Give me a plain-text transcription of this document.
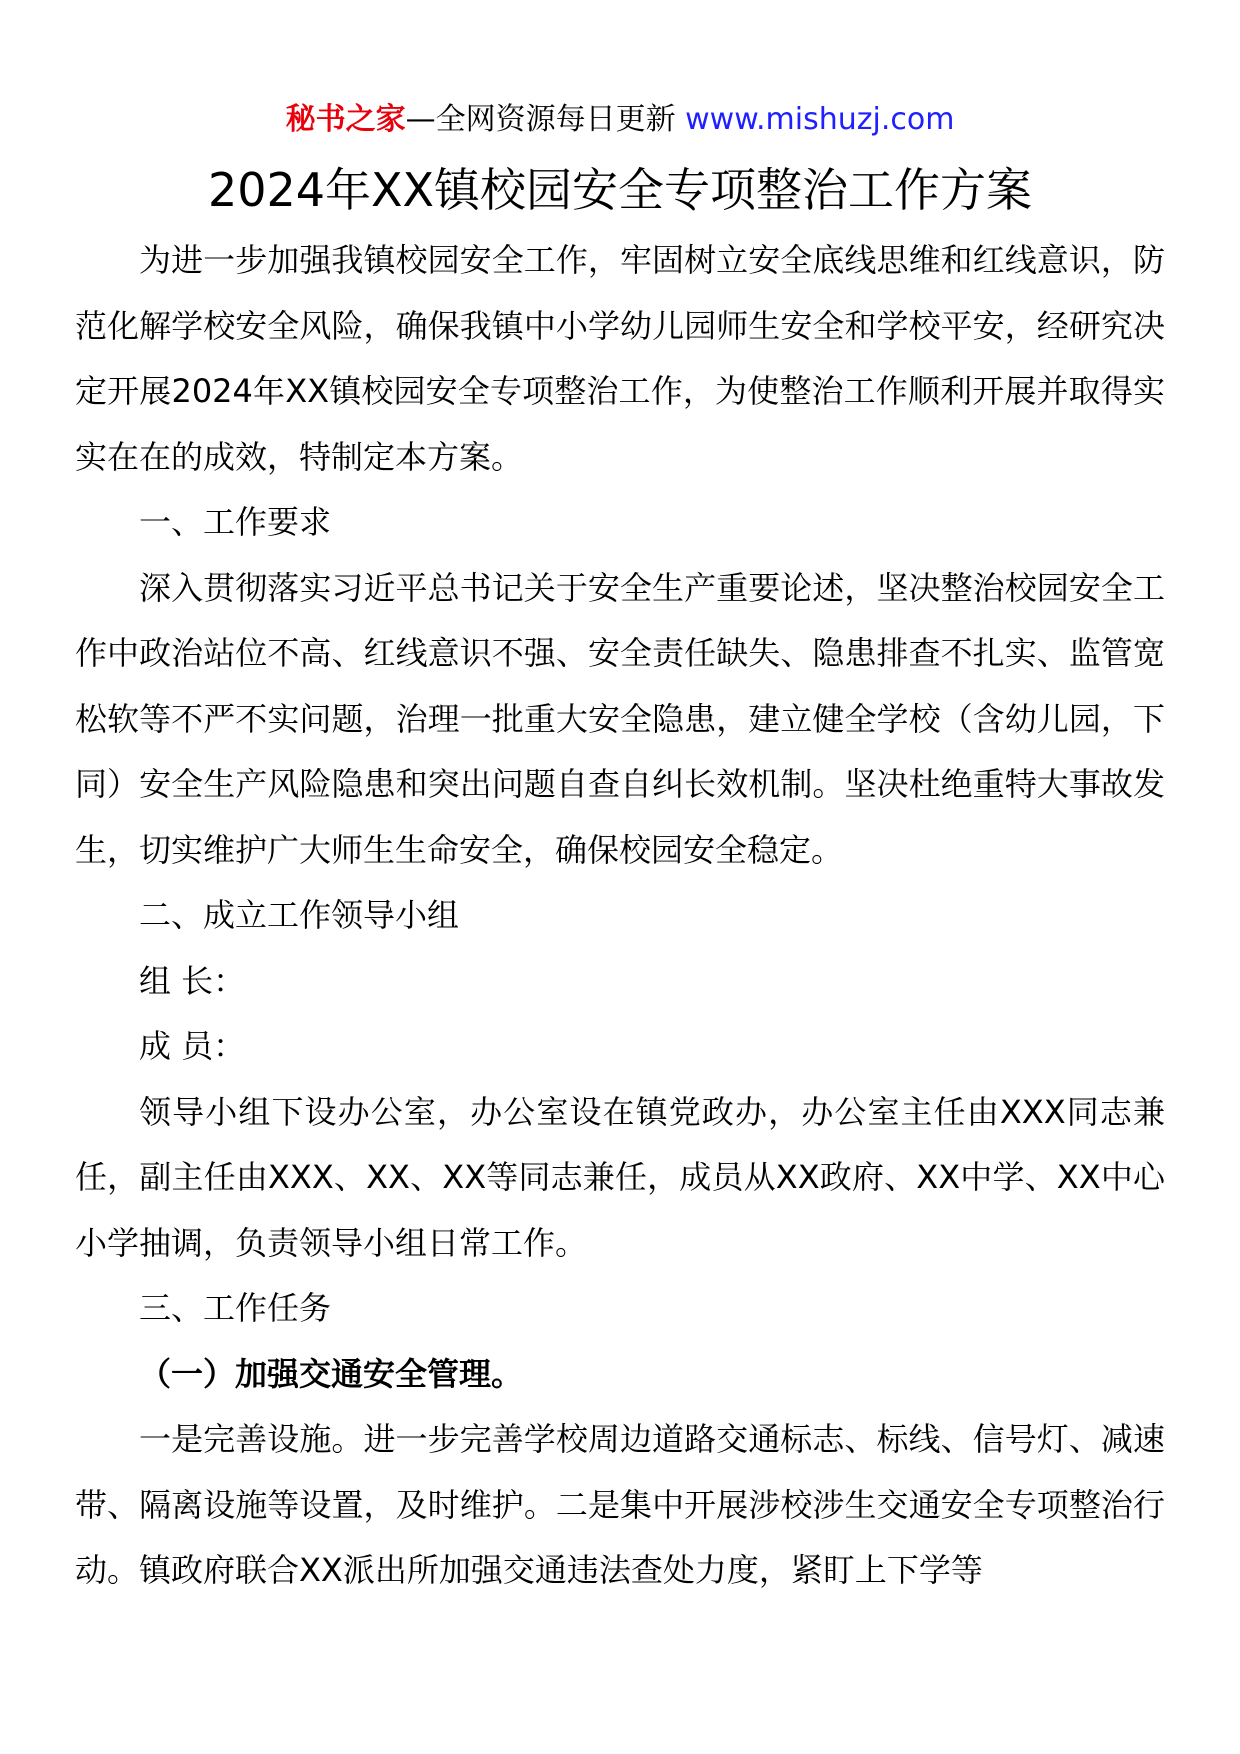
秘书之家—全网资源每日更新 www.mishuzj.com
2024年XX镇校园安全专项整治工作方案

为进一步加强我镇校园安全工作，牢固树立安全底线思维和红线意识，防范化解学校安全风险，确保我镇中小学幼儿园师生安全和学校平安，经研究决定开展2024年XX镇校园安全专项整治工作，为使整治工作顺利开展并取得实实在在的成效，特制定本方案。

一、工作要求

深入贯彻落实习近平总书记关于安全生产重要论述，坚决整治校园安全工作中政治站位不高、红线意识不强、安全责任缺失、隐患排查不扎实、监管宽松软等不严不实问题，治理一批重大安全隐患，建立健全学校（含幼儿园，下同）安全生产风险隐患和突出问题自查自纠长效机制。坚决杜绝重特大事故发生，切实维护广大师生生命安全，确保校园安全稳定。

二、成立工作领导小组

组 长：

成 员：

领导小组下设办公室，办公室设在镇党政办，办公室主任由XXX同志兼任，副主任由XXX、XX、XX等同志兼任，成员从XX政府、XX中学、XX中心小学抽调，负责领导小组日常工作。

三、工作任务

（一）加强交通安全管理。

一是完善设施。进一步完善学校周边道路交通标志、标线、信号灯、减速带、隔离设施等设置，及时维护。二是集中开展涉校涉生交通安全专项整治行动。镇政府联合XX派出所加强交通违法查处力度，紧盯上下学等
